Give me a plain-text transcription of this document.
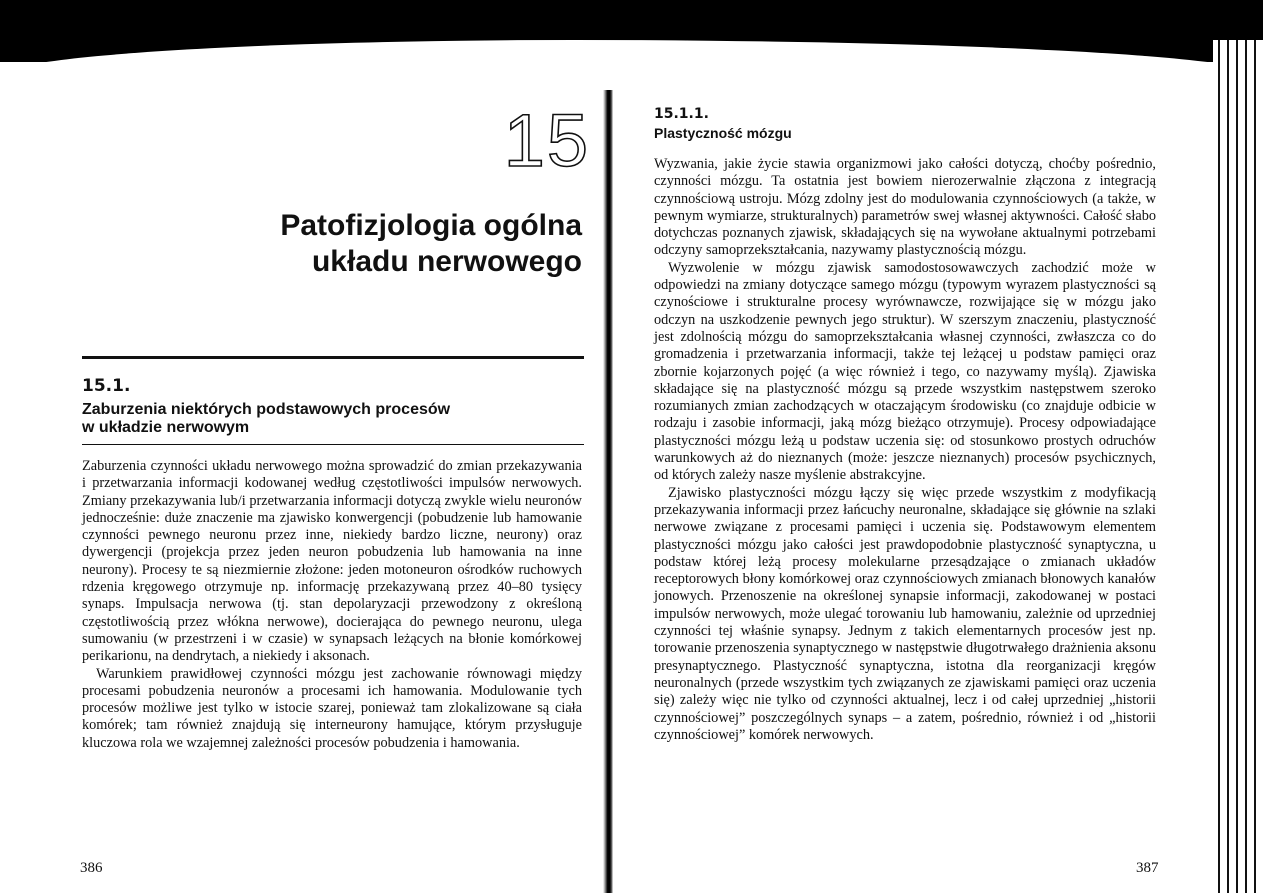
15
Patofizjologia ogólna
układu nerwowego
15.1.
Zaburzenia niektórych podstawowych procesów
w układzie nerwowym

Zaburzenia czynności układu nerwowego można sprowadzić do zmian przekazywania i przetwarzania informacji kodowanej według częstotliwości impulsów nerwowych. Zmiany przekazywania lub/i przetwarzania informacji dotyczą zwykle wielu neuronów jednocześnie: duże znaczenie ma zjawisko konwergencji (pobudzenie lub hamowanie czynności pewnego neuronu przez inne, niekiedy bardzo liczne, neurony) oraz dywergencji (projekcja przez jeden neuron pobudzenia lub hamowania na inne neurony). Procesy te są niezmiernie złożone: jeden motoneuron ośrodków ruchowych rdzenia kręgowego otrzymuje np. informację przekazywaną przez 40–80 tysięcy synaps. Impulsacja nerwowa (tj. stan depolaryzacji przewodzony z określoną częstotliwością przez włókna nerwowe), docierająca do pewnego neuronu, ulega sumowaniu (w przestrzeni i w czasie) w synapsach leżących na błonie komórkowej perikarionu, na dendrytach, a niekiedy i aksonach.

Warunkiem prawidłowej czynności mózgu jest zachowanie równowagi między procesami pobudzenia neuronów a procesami ich hamowania. Modulowanie tych procesów możliwe jest tylko w istocie szarej, ponieważ tam zlokalizowane są ciała komórek; tam również znajdują się interneurony hamujące, którym przysługuje kluczowa rola we wzajemnej zależności procesów pobudzenia i hamowania.

386
15.1.1.
Plastyczność mózgu

Wyzwania, jakie życie stawia organizmowi jako całości dotyczą, choćby pośrednio, czynności mózgu. Ta ostatnia jest bowiem nierozerwalnie złączona z integracją czynnościową ustroju. Mózg zdolny jest do modulowania czynnościowych (a także, w pewnym wymiarze, strukturalnych) parametrów swej własnej aktywności. Całość słabo dotychczas poznanych zjawisk, składających się na wywołane aktualnymi potrzebami odczyny samoprzekształcania, nazywamy plastycznością mózgu.

Wyzwolenie w mózgu zjawisk samodostosowawczych zachodzić może w odpowiedzi na zmiany dotyczące samego mózgu (typowym wyrazem plastyczności są czynościowe i strukturalne procesy wyrównawcze, rozwijające się w mózgu jako odczyn na uszkodzenie pewnych jego struktur). W szerszym znaczeniu, plastyczność jest zdolnością mózgu do samoprzekształcania własnej czynności, zwłaszcza co do gromadzenia i przetwarzania informacji, także tej leżącej u podstaw pamięci oraz zbornie kojarzonych pojęć (a więc również i tego, co nazywamy myślą). Zjawiska składające się na plastyczność mózgu są przede wszystkim następstwem szeroko rozumianych zmian zachodzących w otaczającym środowisku (co znajduje odbicie w rodzaju i zasobie informacji, jaką mózg bieżąco otrzymuje). Procesy odpowiadające plastyczności mózgu leżą u podstaw uczenia się: od stosunkowo prostych odruchów warunkowych aż do nieznanych (może: jeszcze nieznanych) procesów psychicznych, od których zależy nasze myślenie abstrakcyjne.

Zjawisko plastyczności mózgu łączy się więc przede wszystkim z modyfikacją przekazywania informacji przez łańcuchy neuronalne, składające się głównie na szlaki nerwowe związane z procesami pamięci i uczenia się. Podstawowym elementem plastyczności mózgu jako całości jest prawdopodobnie plastyczność synaptyczna, u podstaw której leżą procesy molekularne przesądzające o zmianach układów receptorowych błony komórkowej oraz czynnościowych zmianach błonowych kanałów jonowych. Przenoszenie na określonej synapsie informacji, zakodowanej w postaci impulsów nerwowych, może ulegać torowaniu lub hamowaniu, zależnie od uprzedniej czynności tej właśnie synapsy. Jednym z takich elementarnych procesów jest np. torowanie przenoszenia synaptycznego w następstwie długotrwałego drażnienia aksonu presynaptycznego. Plastyczność synaptyczna, istotna dla reorganizacji kręgów neuronalnych (przede wszystkim tych związanych ze zjawiskami pamięci oraz uczenia się) zależy więc nie tylko od czynności aktualnej, lecz i od całej uprzedniej „historii czynnościowej” poszczególnych synaps – a zatem, pośrednio, również i od „historii czynnościowej” komórek nerwowych.

387
